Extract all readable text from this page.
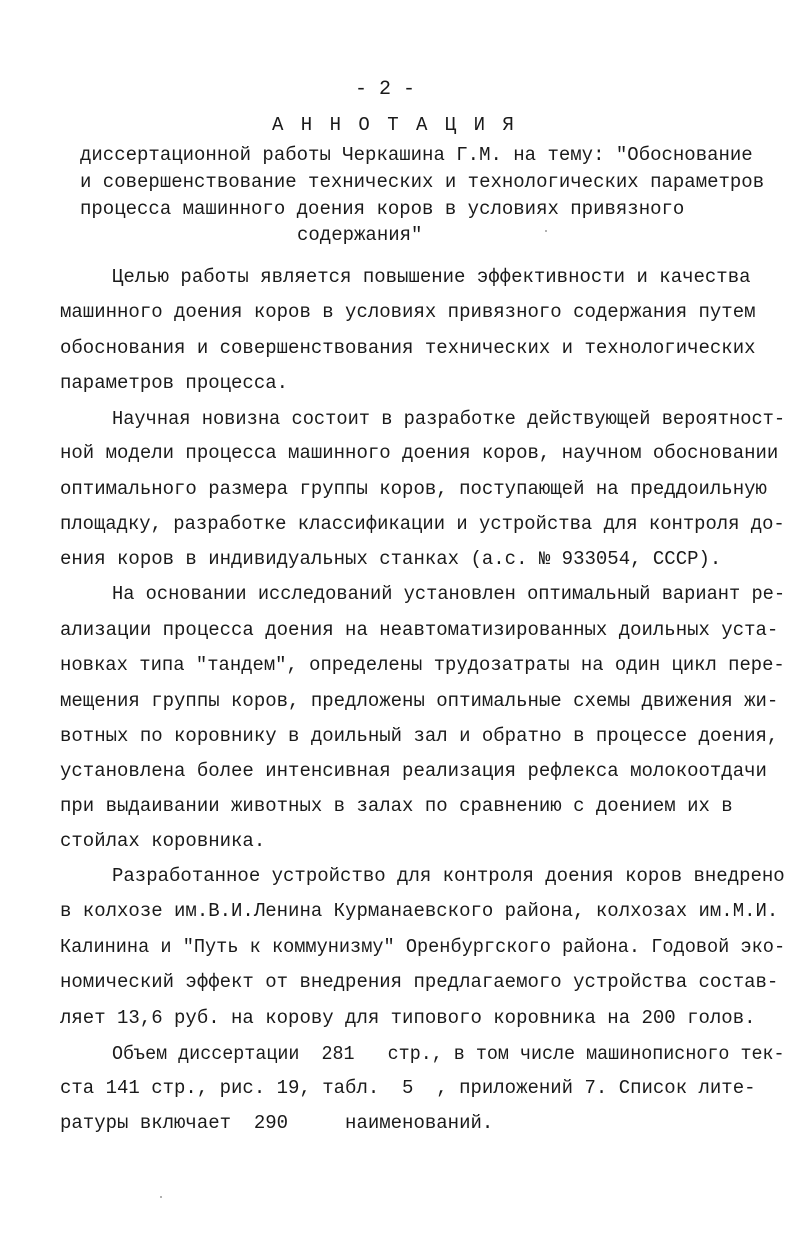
- 2 -
А Н Н О Т А Ц И Я
диссертационной работы Черкашина Г.М. на тему: "Обоснование
и совершенствование технических и технологических параметров
процесса машинного доения коров в условиях привязного
содержания"
Целью работы является повышение эффективности и качества
машинного доения коров в условиях привязного содержания путем
обоснования и совершенствования технических и технологических
параметров процесса.
Научная новизна состоит в разработке действующей вероятност-
ной модели процесса машинного доения коров, научном обосновании
оптимального размера группы коров, поступающей на преддоильную
площадку, разработке классификации и устройства для контроля до-
ения коров в индивидуальных станках (а.с. № 933054, СССР).
На основании исследований установлен оптимальный вариант ре-
ализации процесса доения на неавтоматизированных доильных уста-
новках типа "тандем", определены трудозатраты на один цикл пере-
мещения группы коров, предложены оптимальные схемы движения жи-
вотных по коровнику в доильный зал и обратно в процессе доения,
установлена более интенсивная реализация рефлекса молокоотдачи
при выдаивании животных в залах по сравнению с доением их в
стойлах коровника.
Разработанное устройство для контроля доения коров внедрено
в колхозе им.В.И.Ленина Курманаевского района, колхозах им.М.И.
Калинина и "Путь к коммунизму" Оренбургского района. Годовой эко-
номический эффект от внедрения предлагаемого устройства состав-
ляет 13,6 руб. на корову для типового коровника на 200 голов.
Объем диссертации  281   стр., в том числе машинописного тек-
ста 141 стр., рис. 19, табл.  5  , приложений 7. Список лите-
ратуры включает  290     наименований.
